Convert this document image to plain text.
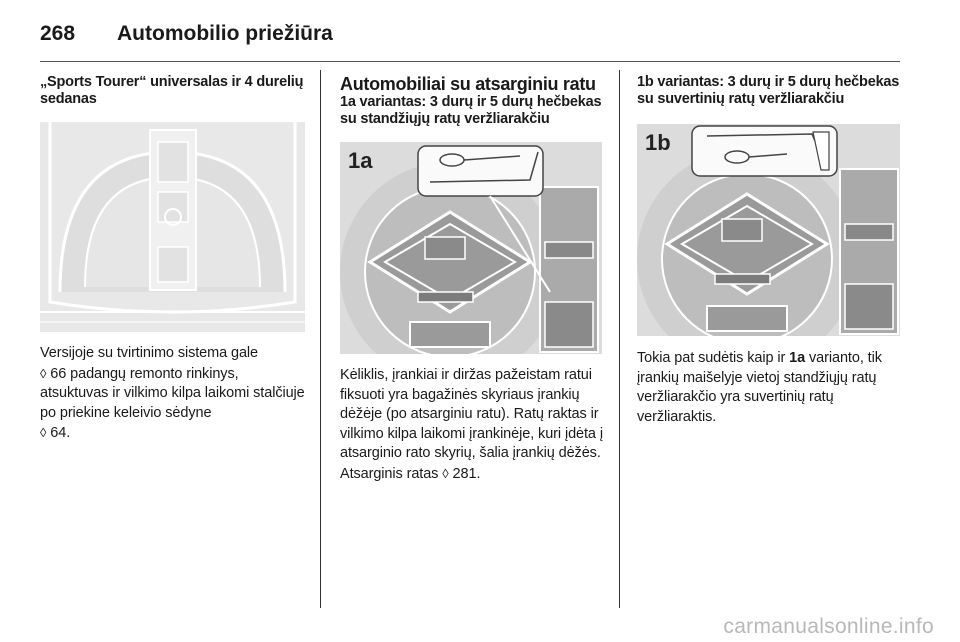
268 Automobilio priežiūra
„Sports Tourer“ universalas ir 4 durelių sedanas
Versijoje su tvirtinimo sistema gale
◊ 66 padangų remonto rinkinys, atsuktuvas ir vilkimo kilpa laikomi stalčiuje po priekine keleivio sėdyne
◊ 64.
Automobiliai su atsarginiu ratu
1a variantas: 3 durų ir 5 durų hečbekas su standžiųjų ratų veržliarakčiu
1a
Kėliklis, įrankiai ir diržas pažeistam ratui fiksuoti yra bagažinės skyriaus įrankių dėžėje (po atsarginiu ratu). Ratų raktas ir vilkimo kilpa laikomi įrankinėje, kuri įdėta į atsarginio rato skyrių, šalia įrankių dėžės. Atsarginis ratas ◊ 281.
1b variantas: 3 durų ir 5 durų hečbekas su suvertinių ratų veržliarakčiu
1b
Tokia pat sudėtis kaip ir 1a varianto, tik įrankių maišelyje vietoj standžiųjų ratų veržliarakčio yra suvertinių ratų veržliaraktis.
carmanualsonline.info
